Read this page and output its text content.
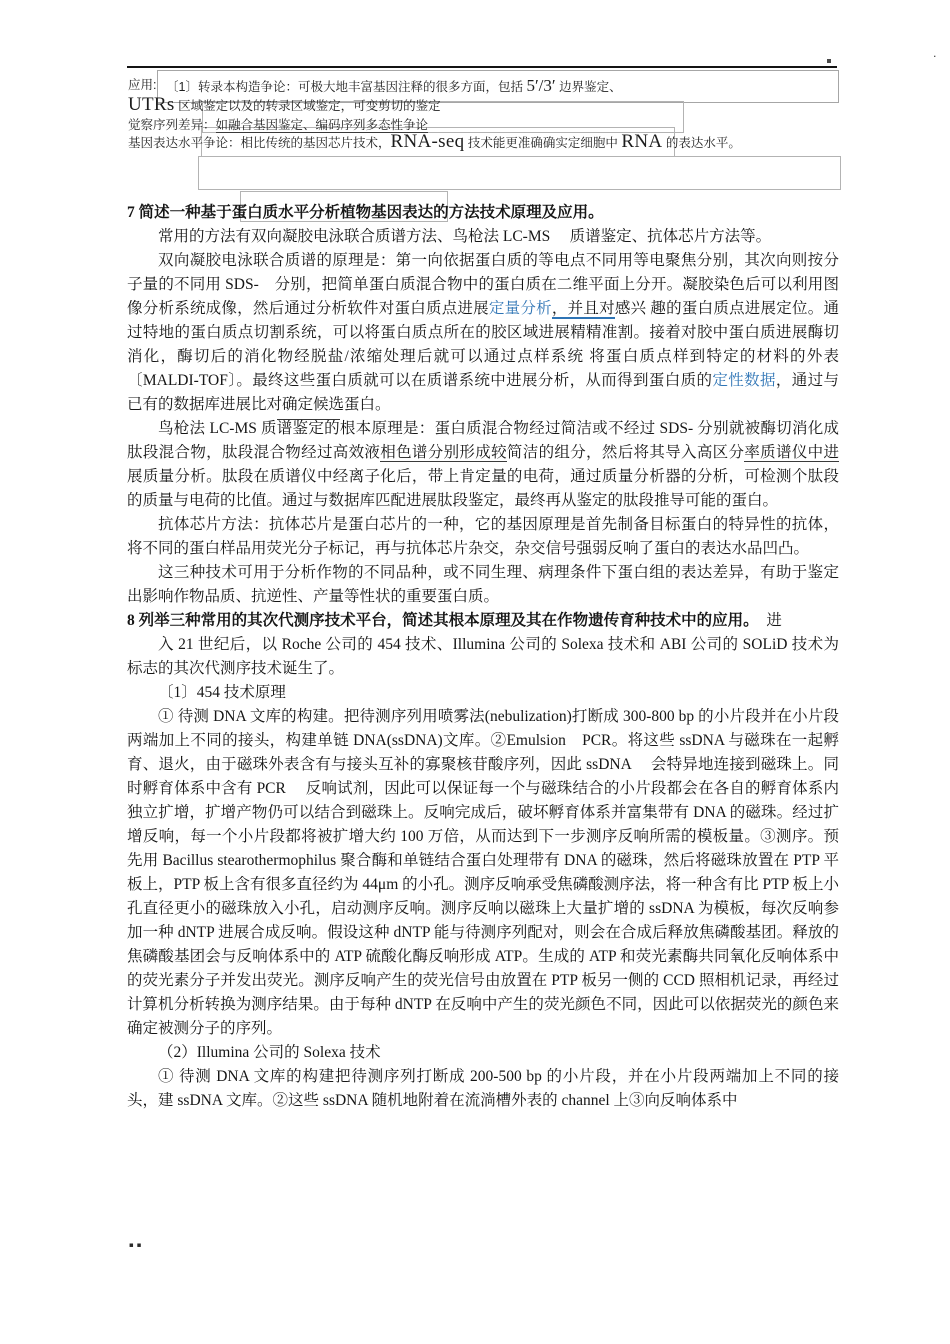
·
应用: 〔1〕转录本构造争论：可极大地丰富基因注释的很多方面，包括 5′/3′ 边界鉴定、
UTRs 区域鉴定以及的转录区域鉴定，可变剪切的鉴定
觉察序列差异：如融合基因鉴定、编码序列多态性争论
基因表达水平争论：相比传统的基因芯片技术，RNA-seq 技术能更准确确实定细胞中 RNA 的表达水平。

7 简述一种基于蛋白质水平分析植物基因表达的方法技术原理及应用。

常用的方法有双向凝胶电泳联合质谱方法、鸟枪法 LC-MS　 质谱鉴定、抗体芯片方法等。

双向凝胶电泳联合质谱的原理是：第一向依据蛋白质的等电点不同用等电聚焦分别，其次向则按分子量的不同用 SDS-　分别，把简单蛋白质混合物中的蛋白质在二维平面上分开。凝胶染色后可以利用图像分析系统成像，然后通过分析软件对蛋白质点进展定量分析，并且对感兴 趣的蛋白质点进展定位。通过特地的蛋白质点切割系统，可以将蛋白质点所在的胶区域进展精精准割。接着对胶中蛋白质进展酶切消化，酶切后的消化物经脱盐/浓缩处理后就可以通过点样系统 将蛋白质点样到特定的材料的外表〔MALDI-TOF〕。最终这些蛋白质就可以在质谱系统中进展分析，从而得到蛋白质的定性数据，通过与已有的数据库进展比对确定候选蛋白。

鸟枪法 LC-MS 质谱鉴定的根本原理是：蛋白质混合物经过简洁或不经过 SDS- 分别就被酶切消化成肽段混合物，肽段混合物经过高效液相色谱分别形成较简洁的组分，然后将其导入高区分率质谱仪中进展质量分析。肽段在质谱仪中经离子化后，带上肯定量的电荷，通过质量分析器的分析，可检测个肽段的质量与电荷的比值。通过与数据库匹配进展肽段鉴定，最终再从鉴定的肽段推导可能的蛋白。

抗体芯片方法：抗体芯片是蛋白芯片的一种，它的基因原理是首先制备目标蛋白的特异性的抗体，将不同的蛋白样品用荧光分子标记，再与抗体芯片杂交，杂交信号强弱反响了蛋白的表达水品凹凸。

这三种技术可用于分析作物的不同品种，或不同生理、病理条件下蛋白组的表达差异，有助于鉴定出影响作物品质、抗逆性、产量等性状的重要蛋白质。

8 列举三种常用的其次代测序技术平台，简述其根本原理及其在作物遗传育种技术中的应用。　进

入 21 世纪后，以 Roche 公司的 454 技术、Illumina 公司的 Solexa 技术和 ABI 公司的 SOLiD 技术为标志的其次代测序技术诞生了。

〔1〕454 技术原理

① 待测 DNA 文库的构建。把待测序列用喷雾法(nebulization)打断成 300-800 bp 的小片段并在小片段两端加上不同的接头，构建单链 DNA(ssDNA)文库。②Emulsion　PCR。将这些 ssDNA 与磁珠在一起孵育、退火，由于磁珠外表含有与接头互补的寡聚核苷酸序列，因此 ssDNA　 会特异地连接到磁珠上。同时孵育体系中含有 PCR　 反响试剂，因此可以保证每一个与磁珠结合的小片段都会在各自的孵育体系内独立扩增，扩增产物仍可以结合到磁珠上。反响完成后，破坏孵育体系并富集带有 DNA 的磁珠。经过扩增反响，每一个小片段都将被扩增大约 100 万倍，从而达到下一步测序反响所需的模板量。③测序。预先用 Bacillus stearothermophilus 聚合酶和单链结合蛋白处理带有 DNA 的磁珠，然后将磁珠放置在 PTP 平板上，PTP 板上含有很多直径约为 44μm 的小孔。测序反响承受焦磷酸测序法，将一种含有比 PTP 板上小孔直径更小的磁珠放入小孔，启动测序反响。测序反响以磁珠上大量扩增的 ssDNA 为模板，每次反响参加一种 dNTP 进展合成反响。假设这种 dNTP 能与待测序列配对，则会在合成后释放焦磷酸基团。释放的焦磷酸基团会与反响体系中的 ATP 硫酸化酶反响形成 ATP。生成的 ATP 和荧光素酶共同氧化反响体系中的荧光素分子并发出荧光。测序反响产生的荧光信号由放置在 PTP 板另一侧的 CCD 照相机记录，再经过计算机分析转换为测序结果。由于每种 dNTP 在反响中产生的荧光颜色不同，因此可以依据荧光的颜色来确定被测分子的序列。

（2）Illumina 公司的 Solexa 技术

① 待测 DNA 文库的构建把待测序列打断成 200-500 bp 的小片段，并在小片段两端加上不同的接头，建 ssDNA 文库。②这些 ssDNA 随机地附着在流淌槽外表的 channel 上③向反响体系中

▪▪
